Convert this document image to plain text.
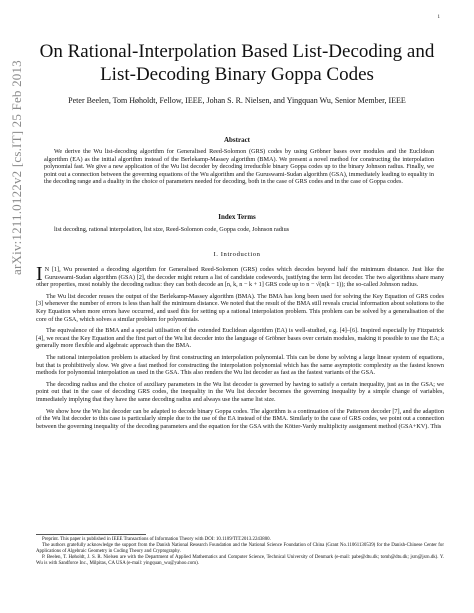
1
arXiv:1211.0122v2 [cs.IT] 25 Feb 2013
On Rational-Interpolation Based List-Decoding and List-Decoding Binary Goppa Codes
Peter Beelen, Tom Høholdt, Fellow, IEEE, Johan S. R. Nielsen, and Yingquan Wu, Senior Member, IEEE
Abstract

We derive the Wu list-decoding algorithm for Generalised Reed-Solomon (GRS) codes by using Gröbner bases over modules and the Euclidean algorithm (EA) as the initial algorithm instead of the Berlekamp-Massey algorithm (BMA). We present a novel method for constructing the interpolation polynomial fast. We give a new application of the Wu list decoder by decoding irreducible binary Goppa codes up to the binary Johnson radius. Finally, we point out a connection between the governing equations of the Wu algorithm and the Guruswami-Sudan algorithm (GSA), immediately leading to equality in the decoding range and a duality in the choice of parameters needed for decoding, both in the case of GRS codes and in the case of Goppa codes.

Index Terms

list decoding, rational interpolation, list size, Reed-Solomon code, Goppa code, Johnson radius

I. Introduction

I N [1], Wu presented a decoding algorithm for Generalised Reed-Solomon (GRS) codes which decodes beyond half the minimum distance. Just like the Guruswami-Sudan algorithm (GSA) [2], the decoder might return a list of candidate codewords, justifying the term list decoder. The two algorithms share many other properties, most notably the decoding radius: they can both decode an [n, k, n − k + 1] GRS code up to n − √(n(k − 1)); the so-called Johnson radius.

The Wu list decoder reuses the output of the Berlekamp-Massey algorithm (BMA). The BMA has long been used for solving the Key Equation of GRS codes [3] whenever the number of errors is less than half the minimum distance. We noted that the result of the BMA still reveals crucial information about solutions to the Key Equation when more errors have occurred, and used this for setting up a rational interpolation problem. This problem can be solved by a generalisation of the core of the GSA, which solves a similar problem for polynomials.

The equivalence of the BMA and a special utilisation of the extended Euclidean algorithm (EA) is well-studied, e.g. [4]–[6]. Inspired especially by Fitzpatrick [4], we recast the Key Equation and the first part of the Wu list decoder into the language of Gröbner bases over certain modules, making it possible to use the EA; a generally more flexible and algebraic approach than the BMA.

The rational interpolation problem is attacked by first constructing an interpolation polynomial. This can be done by solving a large linear system of equations, but that is prohibitively slow. We give a fast method for constructing the interpolation polynomial which has the same asymptotic complexity as the fastest known methods for polynomial interpolation as used in the GSA. This also renders the Wu list decoder as fast as the fastest variants of the GSA.

The decoding radius and the choice of auxiliary parameters in the Wu list decoder is governed by having to satisfy a certain inequality, just as in the GSA; we point out that in the case of decoding GRS codes, the inequality in the Wu list decoder becomes the governing inequality by a simple change of variables, immediately implying that they have the same decoding radius and always use the same list size.

We show how the Wu list decoder can be adapted to decode binary Goppa codes. The algorithm is a continuation of the Patterson decoder [7], and the adaption of the Wu list decoder to this case is particularly simple due to the use of the EA instead of the BMA. Similarly to the case of GRS codes, we point out a connection between the governing inequality of the decoding parameters and the equation for the GSA with the Kötter-Vardy multiplicity assignment method (GSA+KV). This

Preprint. This paper is published in IEEE Transactions of Information Theory with DOI: 10.1109/TIT.2013.2243800.

The authors gratefully acknowledge the support from the Danish National Research Foundation and the National Science Foundation of China (Grant No.11061130539) for the Danish-Chinese Center for Applications of Algebraic Geometry in Coding Theory and Cryptography.

P. Beelen, T. Høholdt, J. S. R. Nielsen are with the Department of Applied Mathematics and Computer Science, Technical University of Denmark (e-mail: pabe@dtu.dk; tomh@dtu.dk; jsrn@jsrn.dk). Y. Wu is with Sandforce Inc., Milpitas, CA USA (e-mail: yingquan_wu@yahoo.com).
